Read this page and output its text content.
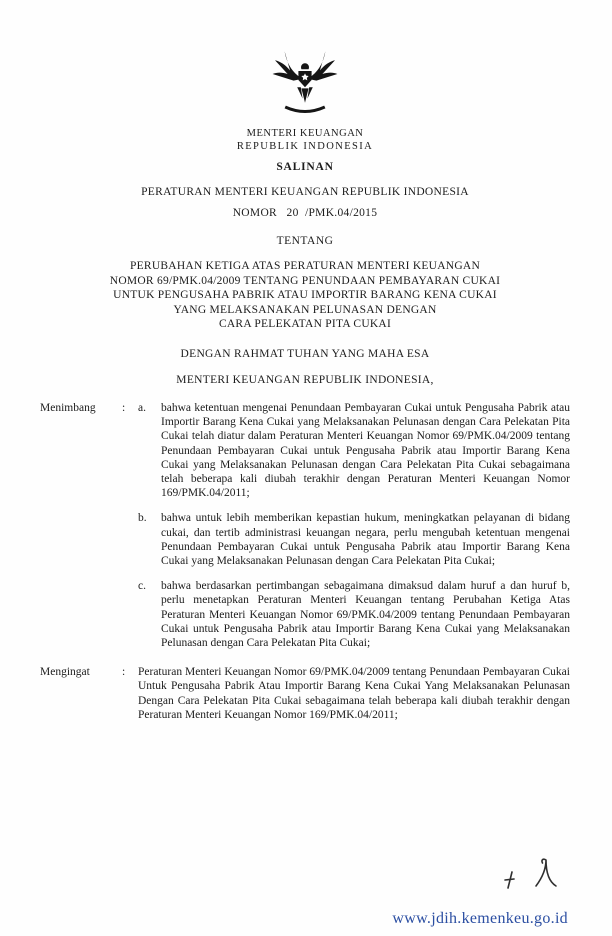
MENTERI KEUANGAN
REPUBLIK INDONESIA
SALINAN
PERATURAN MENTERI KEUANGAN REPUBLIK INDONESIA
NOMOR   20  /PMK.04/2015
TENTANG
PERUBAHAN KETIGA ATAS PERATURAN MENTERI KEUANGAN
NOMOR 69/PMK.04/2009 TENTANG PENUNDAAN PEMBAYARAN CUKAI
UNTUK PENGUSAHA PABRIK ATAU IMPORTIR BARANG KENA CUKAI
YANG MELAKSANAKAN PELUNASAN DENGAN
CARA PELEKATAN PITA CUKAI
DENGAN RAHMAT TUHAN YANG MAHA ESA
MENTERI KEUANGAN REPUBLIK INDONESIA,
Menimbang	:	a.	bahwa ketentuan mengenai Penundaan Pembayaran Cukai untuk Pengusaha Pabrik atau Importir Barang Kena Cukai yang Melaksanakan Pelunasan dengan Cara Pelekatan Pita Cukai telah diatur dalam Peraturan Menteri Keuangan Nomor 69/PMK.04/2009 tentang Penundaan Pembayaran Cukai untuk Pengusaha Pabrik atau Importir Barang Kena Cukai yang Melaksanakan Pelunasan dengan Cara Pelekatan Pita Cukai sebagaimana telah beberapa kali diubah terakhir dengan Peraturan Menteri Keuangan Nomor 169/PMK.04/2011;

b.	bahwa untuk lebih memberikan kepastian hukum, meningkatkan pelayanan di bidang cukai, dan tertib administrasi keuangan negara, perlu mengubah ketentuan mengenai Penundaan Pembayaran Cukai untuk Pengusaha Pabrik atau Importir Barang Kena Cukai yang Melaksanakan Pelunasan dengan Cara Pelekatan Pita Cukai;

c.	bahwa berdasarkan pertimbangan sebagaimana dimaksud dalam huruf a dan huruf b, perlu menetapkan Peraturan Menteri Keuangan tentang Perubahan Ketiga Atas Peraturan Menteri Keuangan Nomor 69/PMK.04/2009 tentang Penundaan Pembayaran Cukai untuk Pengusaha Pabrik atau Importir Barang Kena Cukai yang Melaksanakan Pelunasan dengan Cara Pelekatan Pita Cukai;

Mengingat	:	Peraturan Menteri Keuangan Nomor 69/PMK.04/2009 tentang Penundaan Pembayaran Cukai Untuk Pengusaha Pabrik Atau Importir Barang Kena Cukai Yang Melaksanakan Pelunasan Dengan Cara Pelekatan Pita Cukai sebagaimana telah beberapa kali diubah terakhir dengan Peraturan Menteri Keuangan Nomor 169/PMK.04/2011;

www.jdih.kemenkeu.go.id
